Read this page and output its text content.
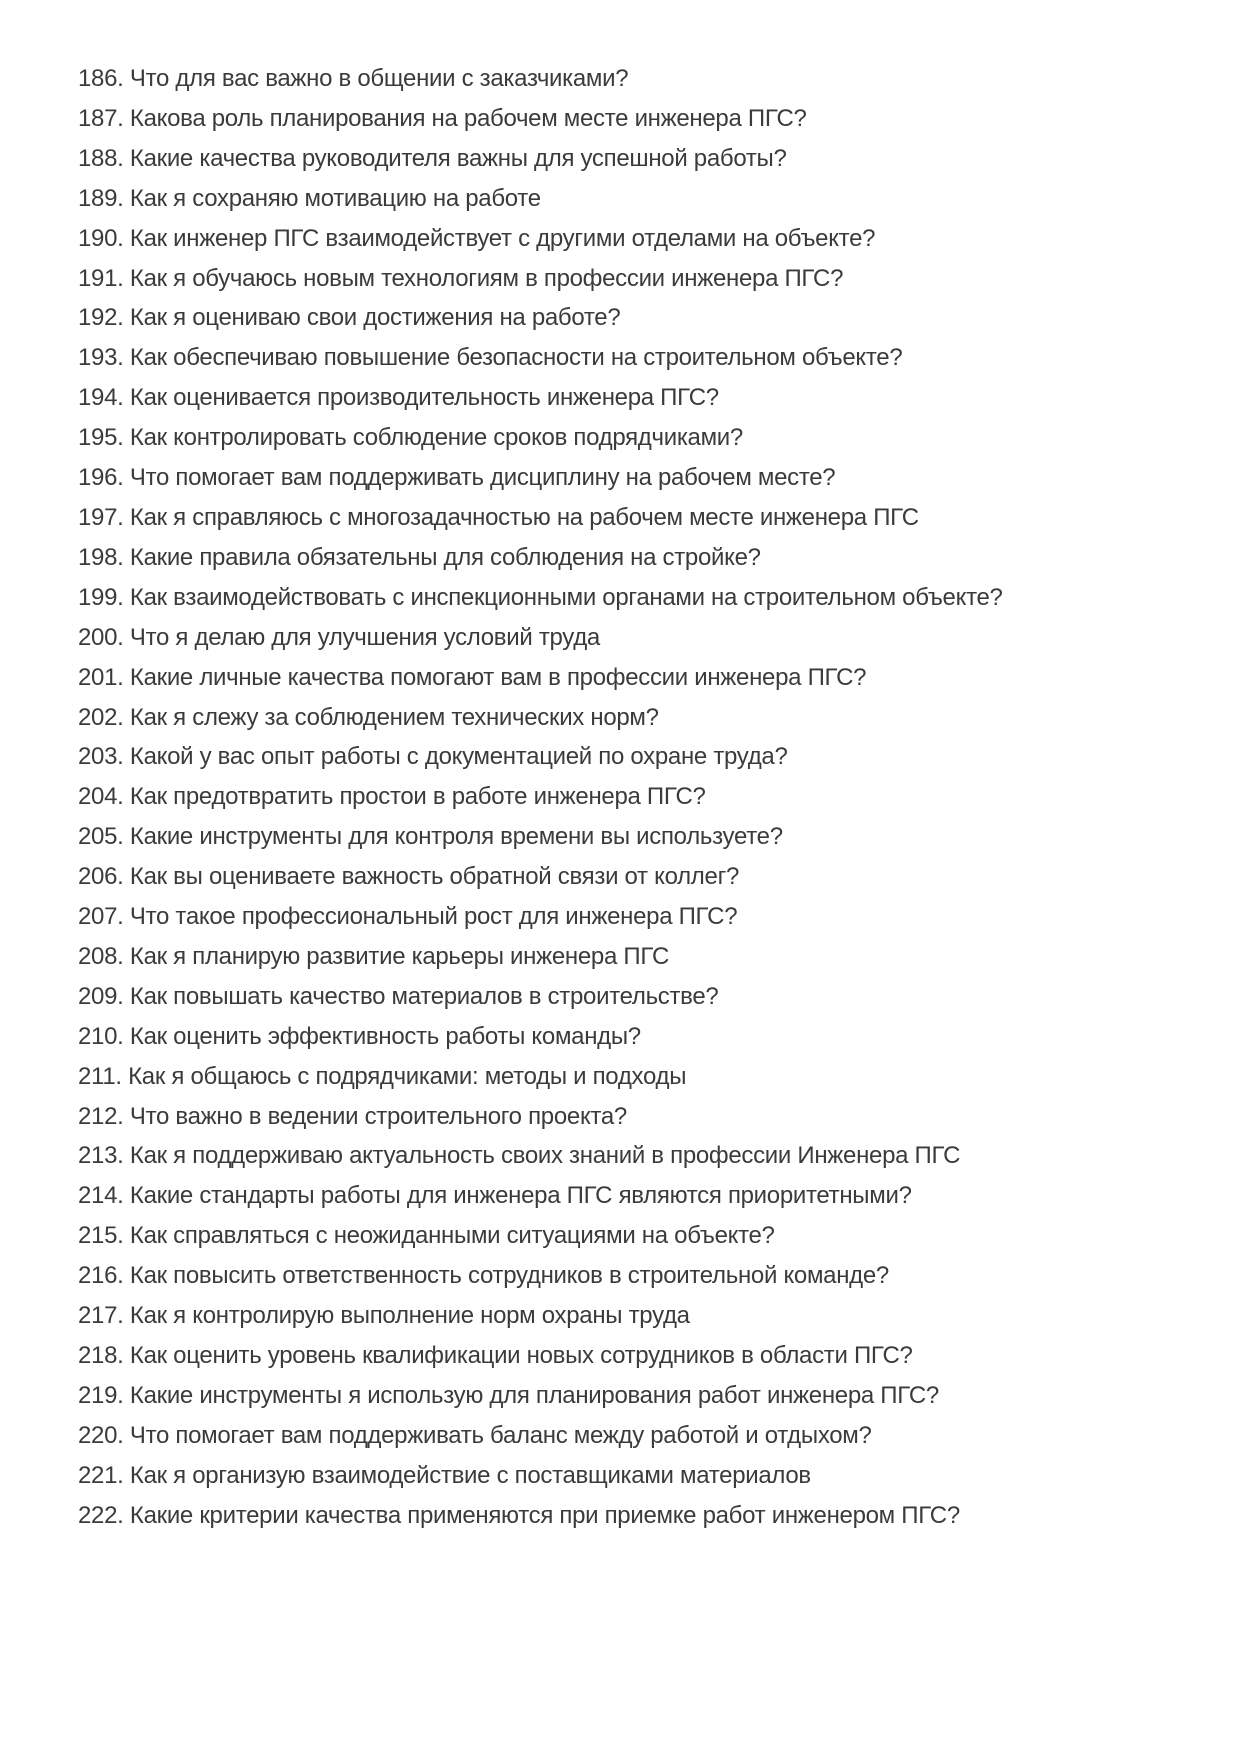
186. Что для вас важно в общении с заказчиками?
187. Какова роль планирования на рабочем месте инженера ПГС?
188. Какие качества руководителя важны для успешной работы?
189. Как я сохраняю мотивацию на работе
190. Как инженер ПГС взаимодействует с другими отделами на объекте?
191. Как я обучаюсь новым технологиям в профессии инженера ПГС?
192. Как я оцениваю свои достижения на работе?
193. Как обеспечиваю повышение безопасности на строительном объекте?
194. Как оценивается производительность инженера ПГС?
195. Как контролировать соблюдение сроков подрядчиками?
196. Что помогает вам поддерживать дисциплину на рабочем месте?
197. Как я справляюсь с многозадачностью на рабочем месте инженера ПГС
198. Какие правила обязательны для соблюдения на стройке?
199. Как взаимодействовать с инспекционными органами на строительном объекте?
200. Что я делаю для улучшения условий труда
201. Какие личные качества помогают вам в профессии инженера ПГС?
202. Как я слежу за соблюдением технических норм?
203. Какой у вас опыт работы с документацией по охране труда?
204. Как предотвратить простои в работе инженера ПГС?
205. Какие инструменты для контроля времени вы используете?
206. Как вы оцениваете важность обратной связи от коллег?
207. Что такое профессиональный рост для инженера ПГС?
208. Как я планирую развитие карьеры инженера ПГС
209. Как повышать качество материалов в строительстве?
210. Как оценить эффективность работы команды?
211. Как я общаюсь с подрядчиками: методы и подходы
212. Что важно в ведении строительного проекта?
213. Как я поддерживаю актуальность своих знаний в профессии Инженера ПГС
214. Какие стандарты работы для инженера ПГС являются приоритетными?
215. Как справляться с неожиданными ситуациями на объекте?
216. Как повысить ответственность сотрудников в строительной команде?
217. Как я контролирую выполнение норм охраны труда
218. Как оценить уровень квалификации новых сотрудников в области ПГС?
219. Какие инструменты я использую для планирования работ инженера ПГС?
220. Что помогает вам поддерживать баланс между работой и отдыхом?
221. Как я организую взаимодействие с поставщиками материалов
222. Какие критерии качества применяются при приемке работ инженером ПГС?
